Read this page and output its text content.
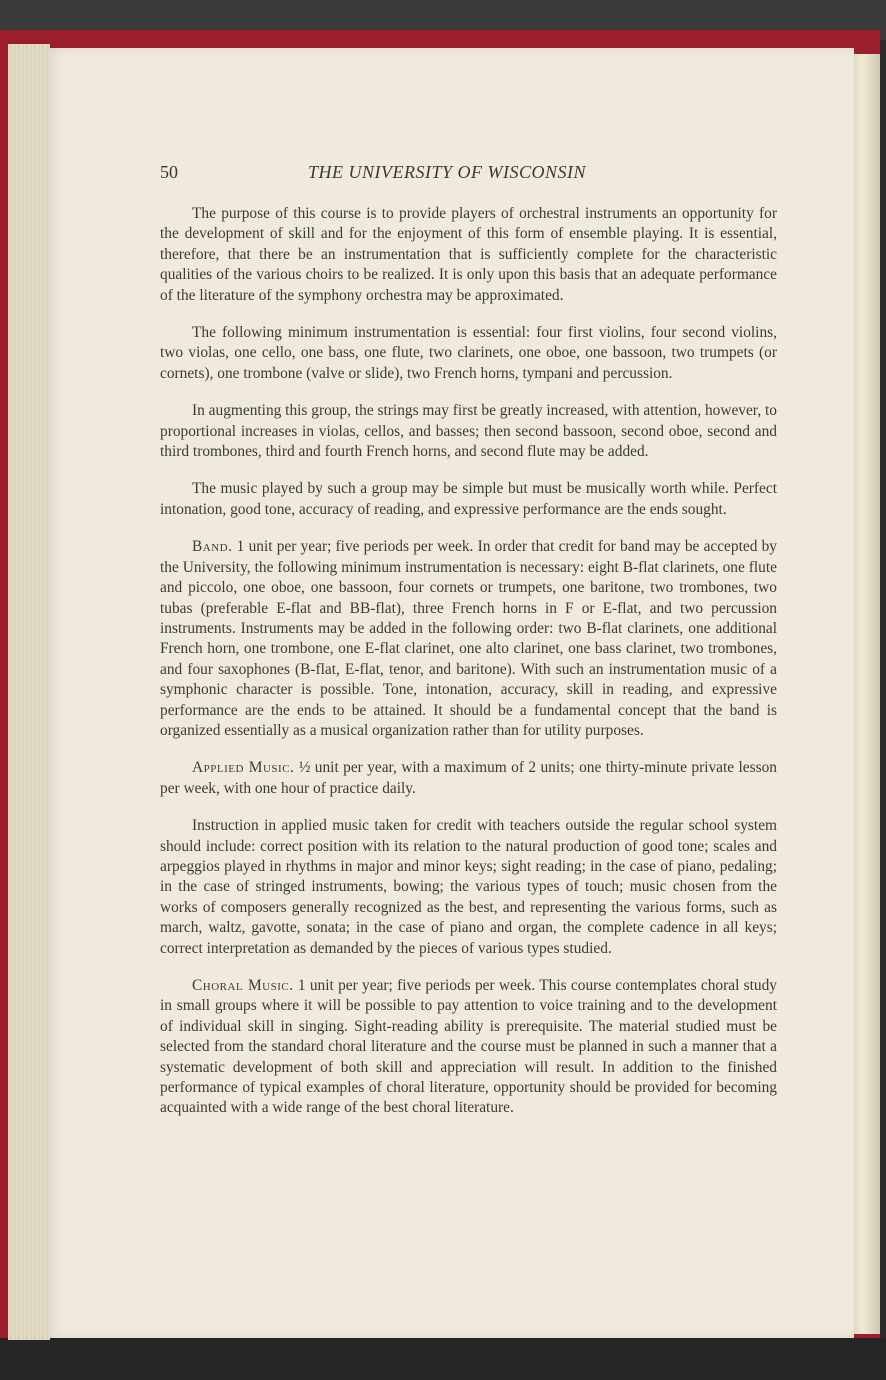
50	THE UNIVERSITY OF WISCONSIN

The purpose of this course is to provide players of orchestral instruments an opportunity for the development of skill and for the enjoyment of this form of ensemble playing. It is essential, therefore, that there be an instrumentation that is sufficiently complete for the characteristic qualities of the various choirs to be realized. It is only upon this basis that an adequate performance of the literature of the symphony orchestra may be approximated.

The following minimum instrumentation is essential: four first violins, four second violins, two violas, one cello, one bass, one flute, two clarinets, one oboe, one bassoon, two trumpets (or cornets), one trombone (valve or slide), two French horns, tympani and percussion.

In augmenting this group, the strings may first be greatly increased, with attention, however, to proportional increases in violas, cellos, and basses; then second bassoon, second oboe, second and third trombones, third and fourth French horns, and second flute may be added.

The music played by such a group may be simple but must be musically worth while. Perfect intonation, good tone, accuracy of reading, and expressive performance are the ends sought.

Band. 1 unit per year; five periods per week. In order that credit for band may be accepted by the University, the following minimum instrumentation is necessary: eight B-flat clarinets, one flute and piccolo, one oboe, one bassoon, four cornets or trumpets, one baritone, two trombones, two tubas (preferable E-flat and BB-flat), three French horns in F or E-flat, and two percussion instruments. Instruments may be added in the following order: two B-flat clarinets, one additional French horn, one trombone, one E-flat clarinet, one alto clarinet, one bass clarinet, two trombones, and four saxophones (B-flat, E-flat, tenor, and baritone). With such an instrumentation music of a symphonic character is possible. Tone, intonation, accuracy, skill in reading, and expressive performance are the ends to be attained. It should be a fundamental concept that the band is organized essentially as a musical organization rather than for utility purposes.

Applied Music. ½ unit per year, with a maximum of 2 units; one thirty-minute private lesson per week, with one hour of practice daily.

Instruction in applied music taken for credit with teachers outside the regular school system should include: correct position with its relation to the natural production of good tone; scales and arpeggios played in rhythms in major and minor keys; sight reading; in the case of piano, pedaling; in the case of stringed instruments, bowing; the various types of touch; music chosen from the works of composers generally recognized as the best, and representing the various forms, such as march, waltz, gavotte, sonata; in the case of piano and organ, the complete cadence in all keys; correct interpretation as demanded by the pieces of various types studied.

Choral Music. 1 unit per year; five periods per week. This course contemplates choral study in small groups where it will be possible to pay attention to voice training and to the development of individual skill in singing. Sight-reading ability is prerequisite. The material studied must be selected from the standard choral literature and the course must be planned in such a manner that a systematic development of both skill and appreciation will result. In addition to the finished performance of typical examples of choral literature, opportunity should be provided for becoming acquainted with a wide range of the best choral literature.
